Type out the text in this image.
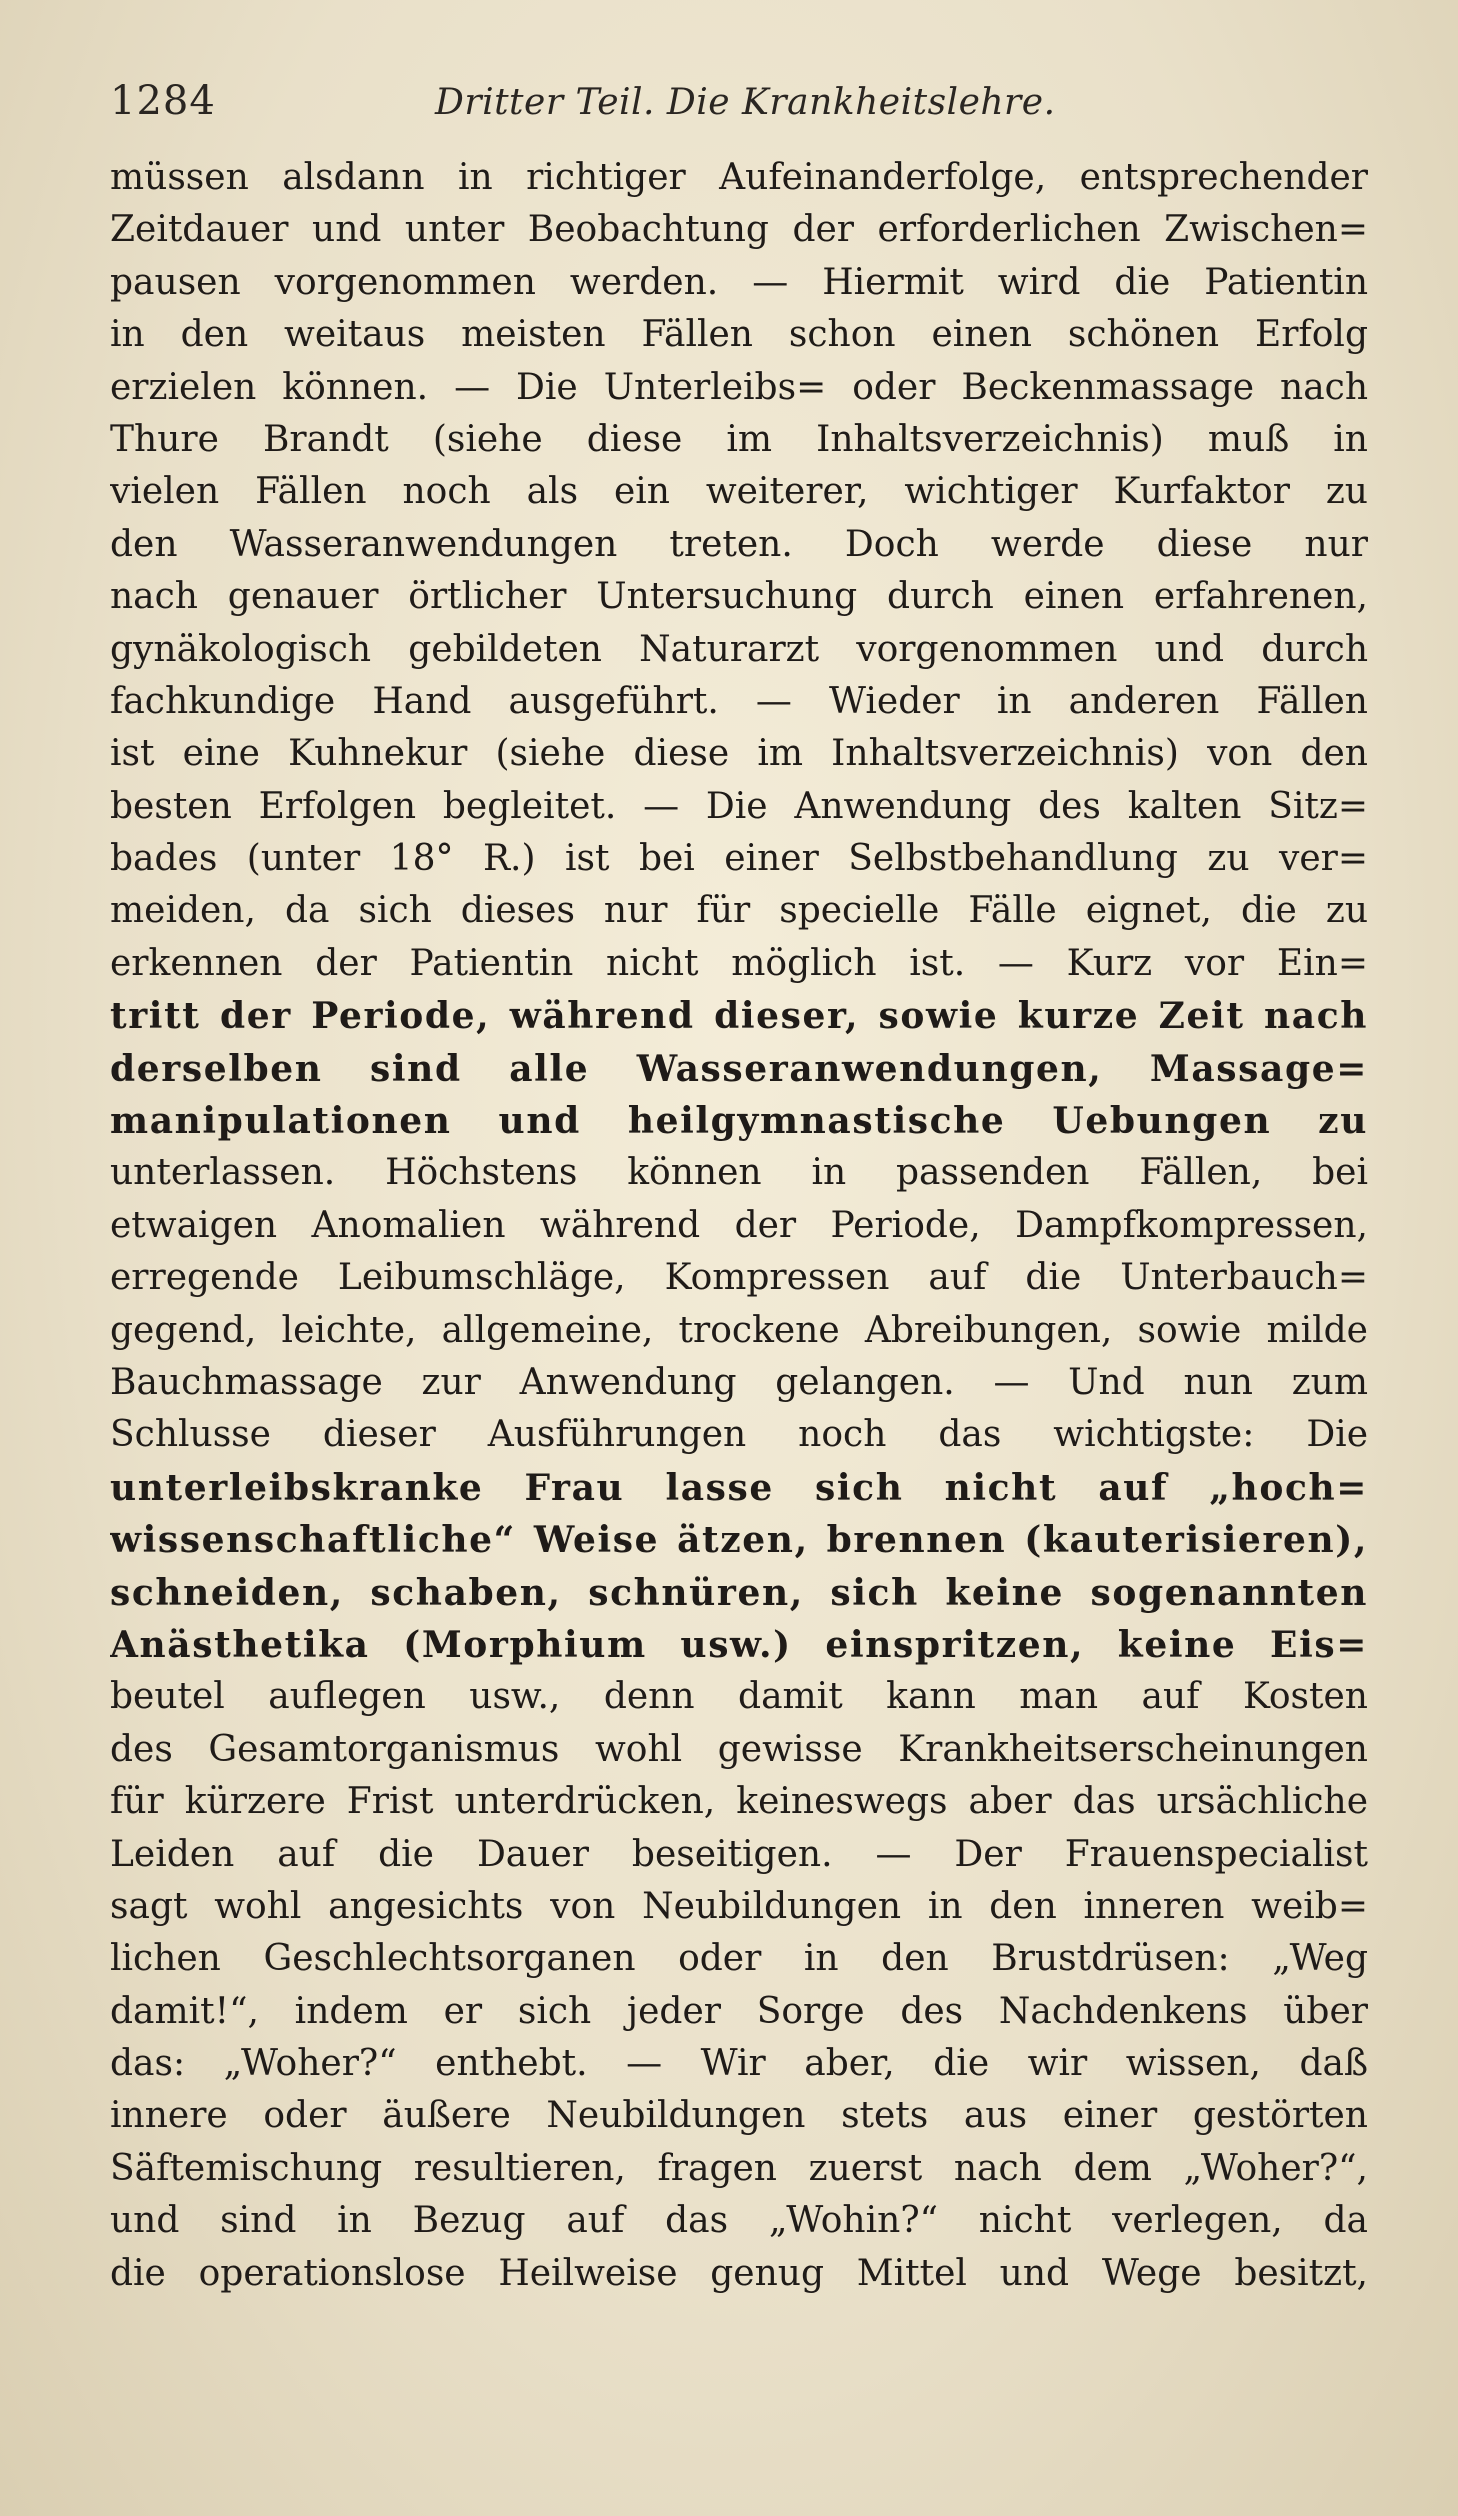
1284	Dritter Teil. Die Krankheitslehre.
müssen alsdann in richtiger Aufeinanderfolge, entsprechender
Zeitdauer und unter Beobachtung der erforderlichen Zwischen=
pausen vorgenommen werden. — Hiermit wird die Patientin
in den weitaus meisten Fällen schon einen schönen Erfolg
erzielen können. — Die Unterleibs= oder Beckenmassage nach
Thure Brandt (siehe diese im Inhaltsverzeichnis) muß in
vielen Fällen noch als ein weiterer, wichtiger Kurfaktor zu
den Wasseranwendungen treten. Doch werde diese nur
nach genauer örtlicher Untersuchung durch einen erfahrenen,
gynäkologisch gebildeten Naturarzt vorgenommen und durch
fachkundige Hand ausgeführt. — Wieder in anderen Fällen
ist eine Kuhnekur (siehe diese im Inhaltsverzeichnis) von den
besten Erfolgen begleitet. — Die Anwendung des kalten Sitz=
bades (unter 18° R.) ist bei einer Selbstbehandlung zu ver=
meiden, da sich dieses nur für specielle Fälle eignet, die zu
erkennen der Patientin nicht möglich ist. — Kurz vor Ein=
tritt der Periode, während dieser, sowie kurze Zeit nach
derselben sind alle Wasseranwendungen, Massage=
manipulationen und heilgymnastische Uebungen zu
unterlassen. Höchstens können in passenden Fällen, bei
etwaigen Anomalien während der Periode, Dampfkompressen,
erregende Leibumschläge, Kompressen auf die Unterbauch=
gegend, leichte, allgemeine, trockene Abreibungen, sowie milde
Bauchmassage zur Anwendung gelangen. — Und nun zum
Schlusse dieser Ausführungen noch das wichtigste: Die
unterleibskranke Frau lasse sich nicht auf „hoch=
wissenschaftliche“ Weise ätzen, brennen (kauterisieren),
schneiden, schaben, schnüren, sich keine sogenannten
Anästhetika (Morphium usw.) einspritzen, keine Eis=
beutel auflegen usw., denn damit kann man auf Kosten
des Gesamtorganismus wohl gewisse Krankheitserscheinungen
für kürzere Frist unterdrücken, keineswegs aber das ursächliche
Leiden auf die Dauer beseitigen. — Der Frauenspecialist
sagt wohl angesichts von Neubildungen in den inneren weib=
lichen Geschlechtsorganen oder in den Brustdrüsen: „Weg
damit!“, indem er sich jeder Sorge des Nachdenkens über
das: „Woher?“ enthebt. — Wir aber, die wir wissen, daß
innere oder äußere Neubildungen stets aus einer gestörten
Säftemischung resultieren, fragen zuerst nach dem „Woher?“,
und sind in Bezug auf das „Wohin?“ nicht verlegen, da
die operationslose Heilweise genug Mittel und Wege besitzt,
